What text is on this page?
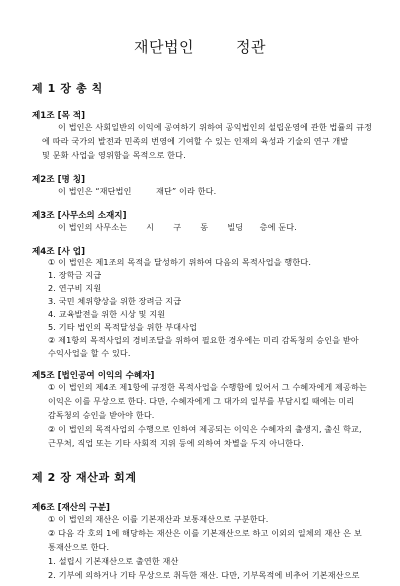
재단법인	정관
제 1 장 총 칙
제1조 [목 적]
이 법인은 사회일반의 이익에 공여하기 위하여 공익법인의 설립운영에 관한 법률의 규정
에 따라 국가의 발전과 민족의 번영에 기여할 수 있는 인재의 육성과 기술의 연구 개발
및 문화 사업을 영위함을 목적으로 한다.
제2조 [명 칭]
이 법인은 “재단법인         재단” 이라 한다.
제3조 [사무소의 소재지]
이 법인의 사무소는       시       구       동       빌딩      층에 둔다.
제4조 [사 업]
① 이 법인은 제1조의 목적을 달성하기 위하여 다음의 목적사업을 행한다.
1. 장학금 지급
2. 연구비 지원
3. 국민 체위향상을 위한 장려금 지급
4. 교육발전을 위한 시상 및 지원
5. 기타 법인의 목적달성을 위한 부대사업
② 제1항의 목적사업의 경비조달을 위하여 필요한 경우에는 미리 감독청의 승인을 받아
수익사업을 할 수 있다.
제5조 [법인공여 이익의 수혜자]
① 이 법인의 제4조 제1항에 규정한 목적사업을 수행함에 있어서 그 수혜자에게 제공하는
이익은 이를 무상으로 한다. 다만, 수혜자에게 그 대가의 일부를 부담시킬 때에는 미리
감독청의 승인을 받아야 한다.
② 이 법인의 목적사업의 수행으로 인하여 제공되는 이익은 수혜자의 출생지, 출신 학교,
근무처, 직업 또는 기타 사회적 지위 등에 의하여 차별을 두지 아니한다.
제 2 장 재산과 회계
제6조 [재산의 구분]
① 이 법인의 재산은 이를 기본재산과 보통재산으로 구분한다.
② 다음 각 호의 1에 해당하는 재산은 이를 기본재산으로 하고 이외의 일체의 재산 은 보
통재산으로 한다.
1. 설립시 기본재산으로 출연한 재산
2. 기부에 의하거나 기타 무상으로 취득한 재산. 다만, 기부목적에 비추어 기본재산으로
